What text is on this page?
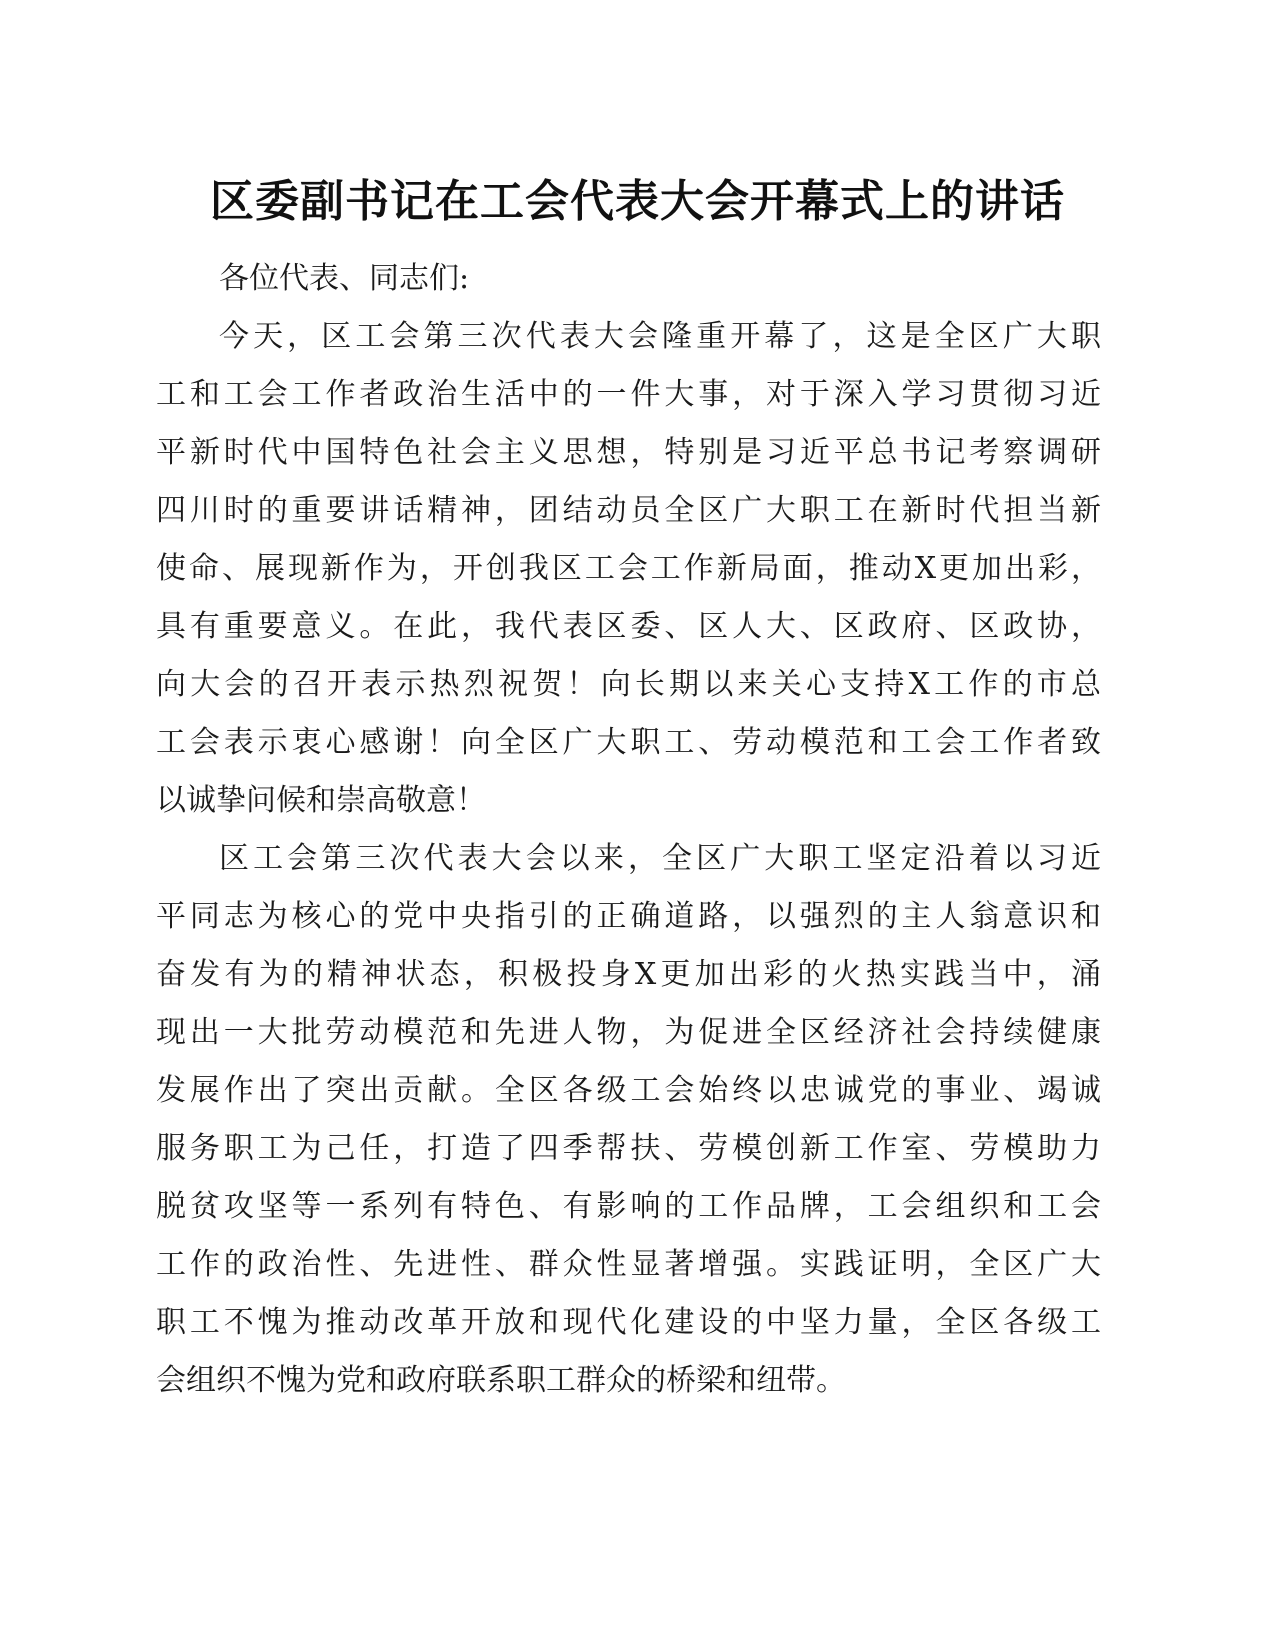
区委副书记在工会代表大会开幕式上的讲话

各位代表、同志们:

今天，区工会第三次代表大会隆重开幕了，这是全区广大职
工和工会工作者政治生活中的一件大事，对于深入学习贯彻习近
平新时代中国特色社会主义思想，特别是习近平总书记考察调研
四川时的重要讲话精神，团结动员全区广大职工在新时代担当新
使命、展现新作为，开创我区工会工作新局面，推动X更加出彩，
具有重要意义。在此，我代表区委、区人大、区政府、区政协，
向大会的召开表示热烈祝贺！向长期以来关心支持X工作的市总
工会表示衷心感谢！向全区广大职工、劳动模范和工会工作者致
以诚挚问候和崇高敬意！

区工会第三次代表大会以来，全区广大职工坚定沿着以习近
平同志为核心的党中央指引的正确道路，以强烈的主人翁意识和
奋发有为的精神状态，积极投身X更加出彩的火热实践当中，涌
现出一大批劳动模范和先进人物，为促进全区经济社会持续健康
发展作出了突出贡献。全区各级工会始终以忠诚党的事业、竭诚
服务职工为己任，打造了四季帮扶、劳模创新工作室、劳模助力
脱贫攻坚等一系列有特色、有影响的工作品牌，工会组织和工会
工作的政治性、先进性、群众性显著增强。实践证明，全区广大
职工不愧为推动改革开放和现代化建设的中坚力量，全区各级工
会组织不愧为党和政府联系职工群众的桥梁和纽带。
